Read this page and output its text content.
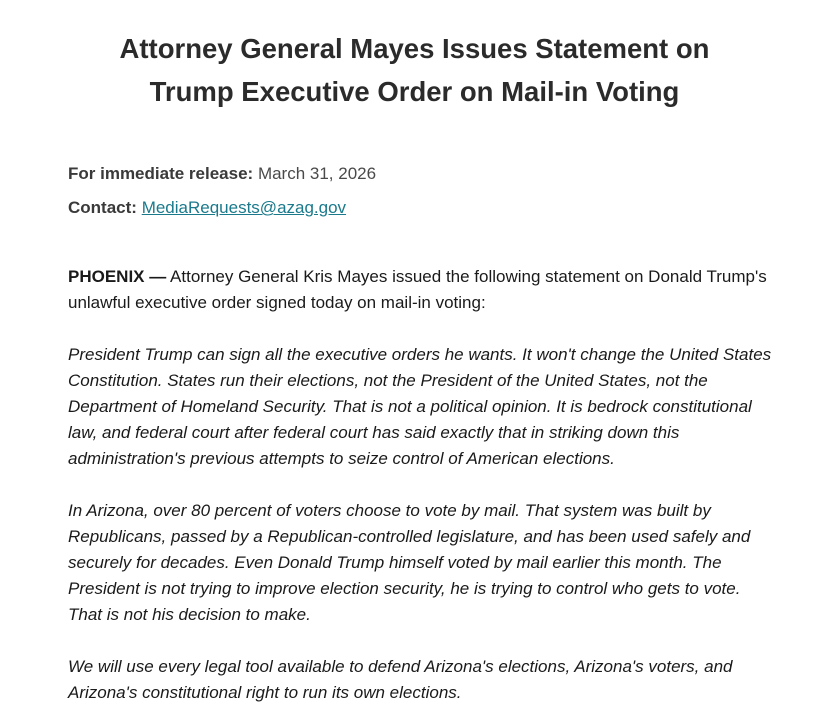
Attorney General Mayes Issues Statement on
Trump Executive Order on Mail-in Voting
For immediate release: March 31, 2026
Contact: MediaRequests@azag.gov

PHOENIX — Attorney General Kris Mayes issued the following statement on Donald Trump's unlawful executive order signed today on mail-in voting:

President Trump can sign all the executive orders he wants. It won't change the United States Constitution. States run their elections, not the President of the United States, not the Department of Homeland Security. That is not a political opinion. It is bedrock constitutional law, and federal court after federal court has said exactly that in striking down this administration's previous attempts to seize control of American elections.

In Arizona, over 80 percent of voters choose to vote by mail. That system was built by Republicans, passed by a Republican-controlled legislature, and has been used safely and securely for decades. Even Donald Trump himself voted by mail earlier this month. The President is not trying to improve election security, he is trying to control who gets to vote. That is not his decision to make.

We will use every legal tool available to defend Arizona's elections, Arizona's voters, and Arizona's constitutional right to run its own elections.
